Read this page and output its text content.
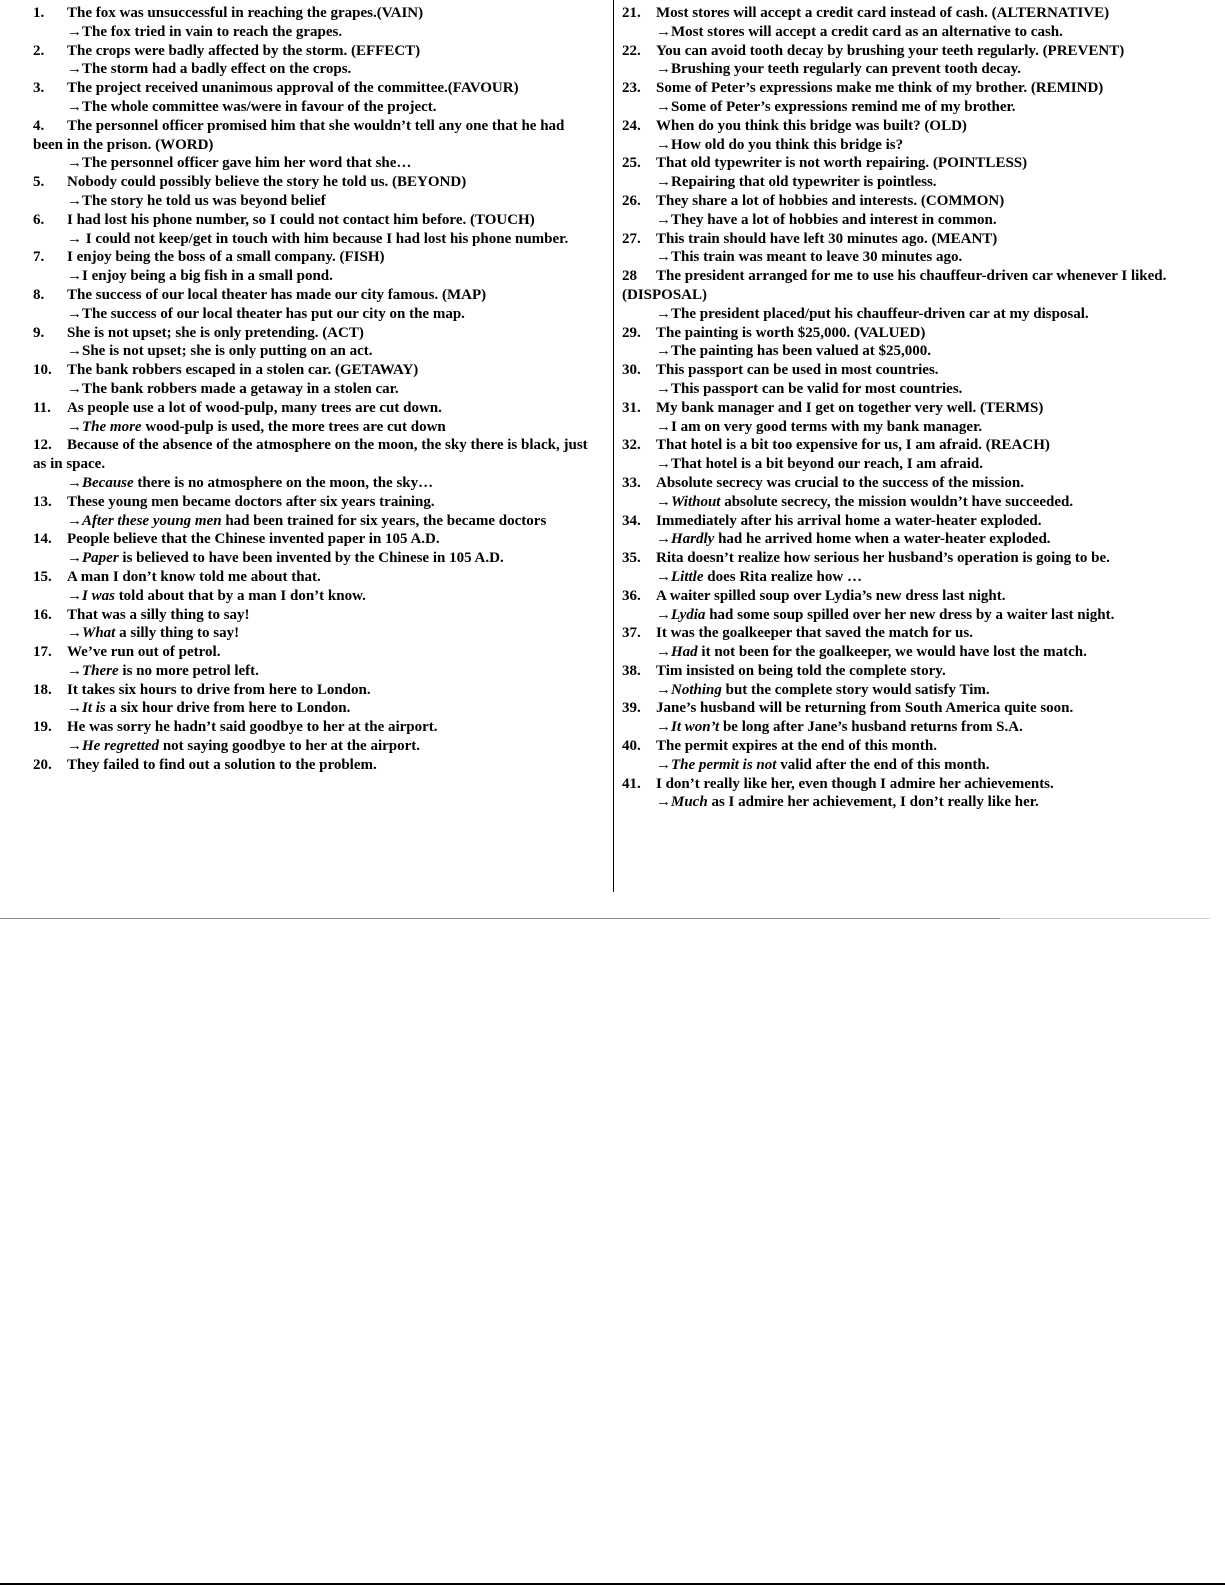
1. The fox was unsuccessful in reaching the grapes.(VAIN)

→The fox tried in vain to reach the grapes.

2. The crops were badly affected by the storm. (EFFECT)

→The storm had a badly effect on the crops.

3. The project received unanimous approval of the committee.(FAVOUR)

→The whole committee was/were in favour of the project.

4. The personnel officer promised him that she wouldn’t tell any one that he had been in the prison. (WORD)

→The personnel officer gave him her word that she…

5. Nobody could possibly believe the story he told us. (BEYOND)

→The story he told us was beyond belief

6. I had lost his phone number, so I could not contact him before. (TOUCH)

→ I could not keep/get in touch with him because I had lost his phone number.

7. I enjoy being the boss of a small company. (FISH)

→I enjoy being a big fish in a small pond.

8. The success of our local theater has made our city famous. (MAP)

→The success of our local theater has put our city on the map.

9. She is not upset; she is only pretending. (ACT)

→She is not upset; she is only putting on an act.

10. The bank robbers escaped in a stolen car. (GETAWAY)

→The bank robbers made a getaway in a stolen car.

11. As people use a lot of wood-pulp, many trees are cut down.

→The more wood-pulp is used, the more trees are cut down

12. Because of the absence of the atmosphere on the moon, the sky there is black, just as in space.

→Because there is no atmosphere on the moon, the sky…

13. These young men became doctors after six years training.

→After these young men had been trained for six years, the became doctors

14. People believe that the Chinese invented paper in 105 A.D.

→Paper is believed to have been invented by the Chinese in 105 A.D.

15. A man I don’t know told me about that.

→I was told about that by a man I don’t know.

16. That was a silly thing to say!

→What a silly thing to say!

17. We’ve run out of petrol.

→There is no more petrol left.

18. It takes six hours to drive from here to London.

→It is a six hour drive from here to London.

19. He was sorry he hadn’t said goodbye to her at the airport.

→He regretted not saying goodbye to her at the airport.

20. They failed to find out a solution to the problem.

21. Most stores will accept a credit card instead of cash. (ALTERNATIVE)

→Most stores will accept a credit card as an alternative to cash.

22. You can avoid tooth decay by brushing your teeth regularly. (PREVENT)

→Brushing your teeth regularly can prevent tooth decay.

23. Some of Peter’s expressions make me think of my brother. (REMIND)

→Some of Peter’s expressions remind me of my brother.

24. When do you think this bridge was built? (OLD)

→How old do you think this bridge is?

25. That old typewriter is not worth repairing. (POINTLESS)

→Repairing that old typewriter is pointless.

26. They share a lot of hobbies and interests. (COMMON)

→They have a lot of hobbies and interest in common.

27. This train should have left 30 minutes ago. (MEANT)

→This train was meant to leave 30 minutes ago.

28 The president arranged for me to use his chauffeur-driven car whenever I liked. (DISPOSAL)

→The president placed/put his chauffeur-driven car at my disposal.

29. The painting is worth $25,000. (VALUED)

→The painting has been valued at $25,000.

30. This passport can be used in most countries.

→This passport can be valid for most countries.

31. My bank manager and I get on together very well. (TERMS)

→I am on very good terms with my bank manager.

32. That hotel is a bit too expensive for us, I am afraid. (REACH)

→That hotel is a bit beyond our reach, I am afraid.

33. Absolute secrecy was crucial to the success of the mission.

→Without absolute secrecy, the mission wouldn’t have succeeded.

34. Immediately after his arrival home a water-heater exploded.

→Hardly had he arrived home when a water-heater exploded.

35. Rita doesn’t realize how serious her husband’s operation is going to be.

→Little does Rita realize how …

36. A waiter spilled soup over Lydia’s new dress last night.

→Lydia had some soup spilled over her new dress by a waiter last night.

37. It was the goalkeeper that saved the match for us.

→Had it not been for the goalkeeper, we would have lost the match.

38. Tim insisted on being told the complete story.

→Nothing but the complete story would satisfy Tim.

39. Jane’s husband will be returning from South America quite soon.

→It won’t be long after Jane’s husband returns from S.A.

40. The permit expires at the end of this month.

→The permit is not valid after the end of this month.

41. I don’t really like her, even though I admire her achievements.

→Much as I admire her achievement, I don’t really like her.
